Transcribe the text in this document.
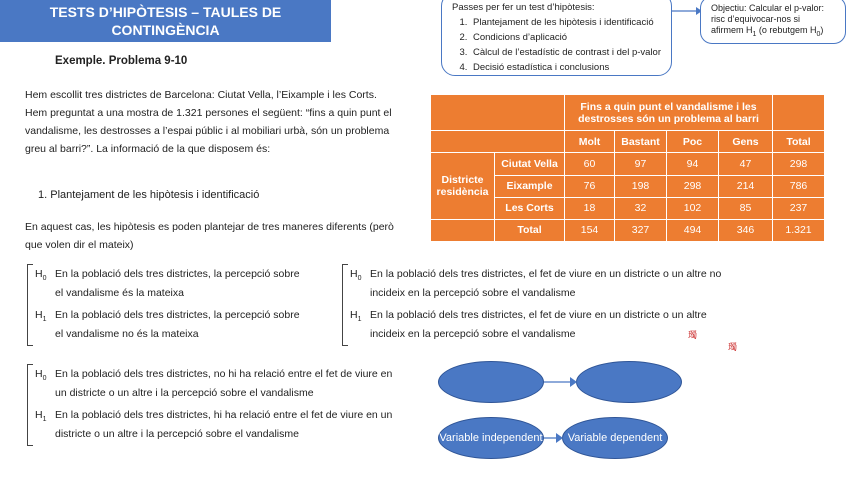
TESTS D’HIPÒTESIS – TAULES DE CONTINGÈNCIA
(EL TEST DE LA KHI-QUADRAT)
Passes per fer un test d’hipòtesis:
1. Plantejament de les hipòtesis i identificació
2. Condicions d’aplicació
3. Càlcul de l’estadístic de contrast i del p-valor
4. Decisió estadística i conclusions
Objectiu: Calcular el p-valor:
risc d’equivocar-nos si
afirmem $H_1$ (o rebutgem $H_0$)
Exemple. Problema 9-10
Hem escollit tres districtes de Barcelona: Ciutat Vella, l’Eixample i les Corts. Hem preguntat a una mostra de 1.321 persones el següent: “fins a quin punt el vandalisme, les destrosses a l’espai públic i al mobiliari urbà, són un problema greu al barri?”. La informació de la que disposem és:
1. Plantejament de les hipòtesis i identificació
En aquest cas, les hipòtesis es poden plantejar de tres maneres diferents (però que volen dir el mateix)
		Fins a quin punt el vandalisme i les destrosses són un problema al barri				
		Molt	Bastant	Poc	Gens	Total
Districte residència	Ciutat Vella	60	97	94	47	298
	Eixample	76	198	298	214	786
	Les Corts	18	32	102	85	237
	Total	154	327	494	346	1.321
$H_0$ En la població dels tres districtes, la percepció sobre el vandalisme és la mateixa
$H_1$ En la població dels tres districtes, la percepció sobre el vandalisme no és la mateixa
$H_0$ En la població dels tres districtes, el fet de viure en un districte o un altre no incideix en la percepció sobre el vandalisme
$H_1$ En la població dels tres districtes, el fet de viure en un districte o un altre incideix en la percepció sobre el vandalisme
$H_0$ En la població dels tres districtes, no hi ha relació entre el fet de viure en un districte o un altre i la percepció sobre el vandalisme
$H_1$ En la població dels tres districtes, hi ha relació entre el fet de viure en un districte o un altre i la percepció sobre el vandalisme
㻿
㻿
Variable independent	Variable dependent
